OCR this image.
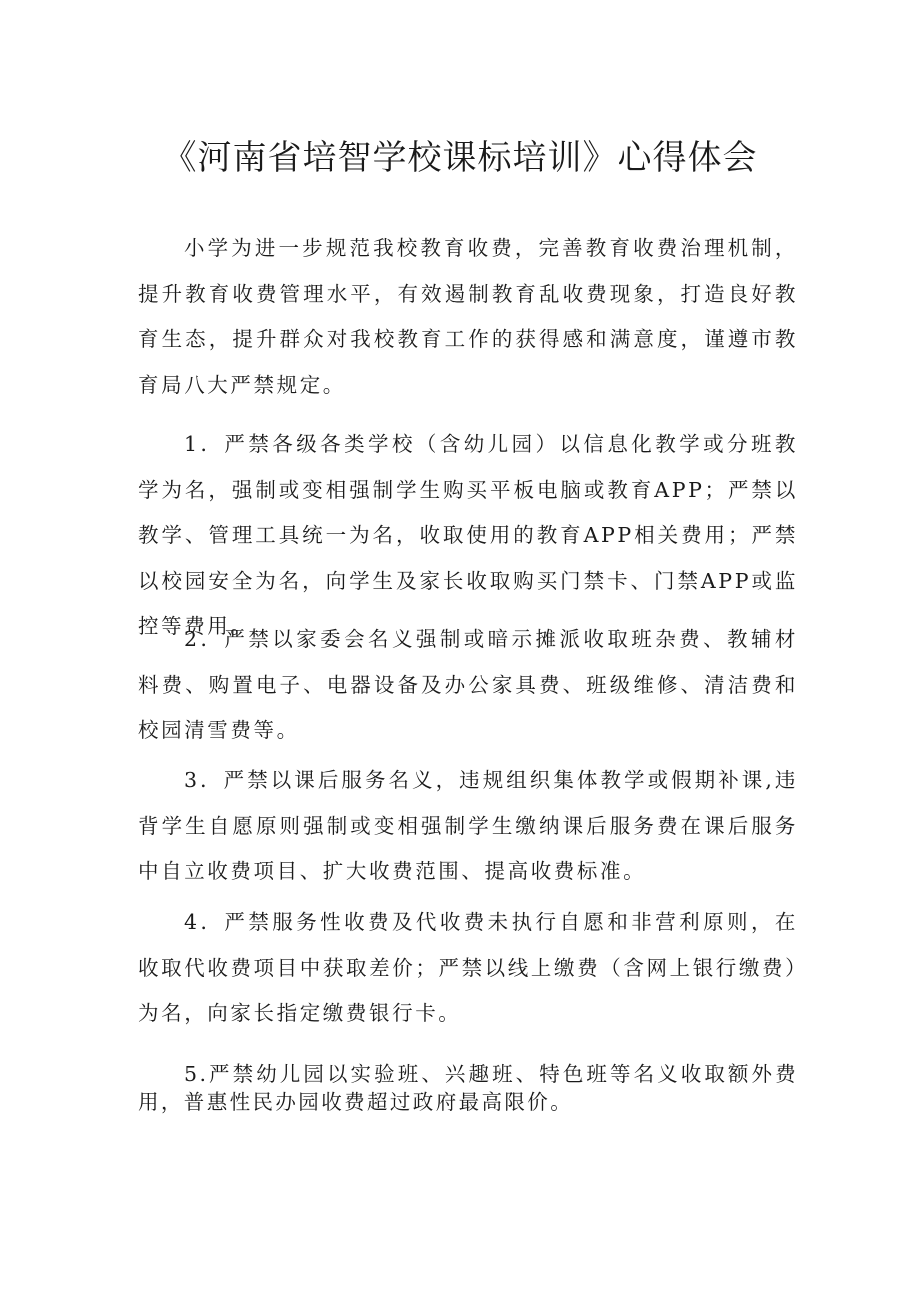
《河南省培智学校课标培训》心得体会

小学为进一步规范我校教育收费，完善教育收费治理机制，提升教育收费管理水平，有效遏制教育乱收费现象，打造良好教育生态，提升群众对我校教育工作的获得感和满意度，谨遵市教育局八大严禁规定。

1．严禁各级各类学校（含幼儿园）以信息化教学或分班教学为名，强制或变相强制学生购买平板电脑或教育APP；严禁以教学、管理工具统一为名，收取使用的教育APP相关费用；严禁以校园安全为名，向学生及家长收取购买门禁卡、门禁APP或监控等费用。

2．严禁以家委会名义强制或暗示摊派收取班杂费、教辅材料费、购置电子、电器设备及办公家具费、班级维修、清洁费和校园清雪费等。

3．严禁以课后服务名义，违规组织集体教学或假期补课,违背学生自愿原则强制或变相强制学生缴纳课后服务费在课后服务中自立收费项目、扩大收费范围、提高收费标准。

4．严禁服务性收费及代收费未执行自愿和非营利原则，在收取代收费项目中获取差价；严禁以线上缴费（含网上银行缴费）为名，向家长指定缴费银行卡。

5.严禁幼儿园以实验班、兴趣班、特色班等名义收取额外费用，普惠性民办园收费超过政府最高限价。
